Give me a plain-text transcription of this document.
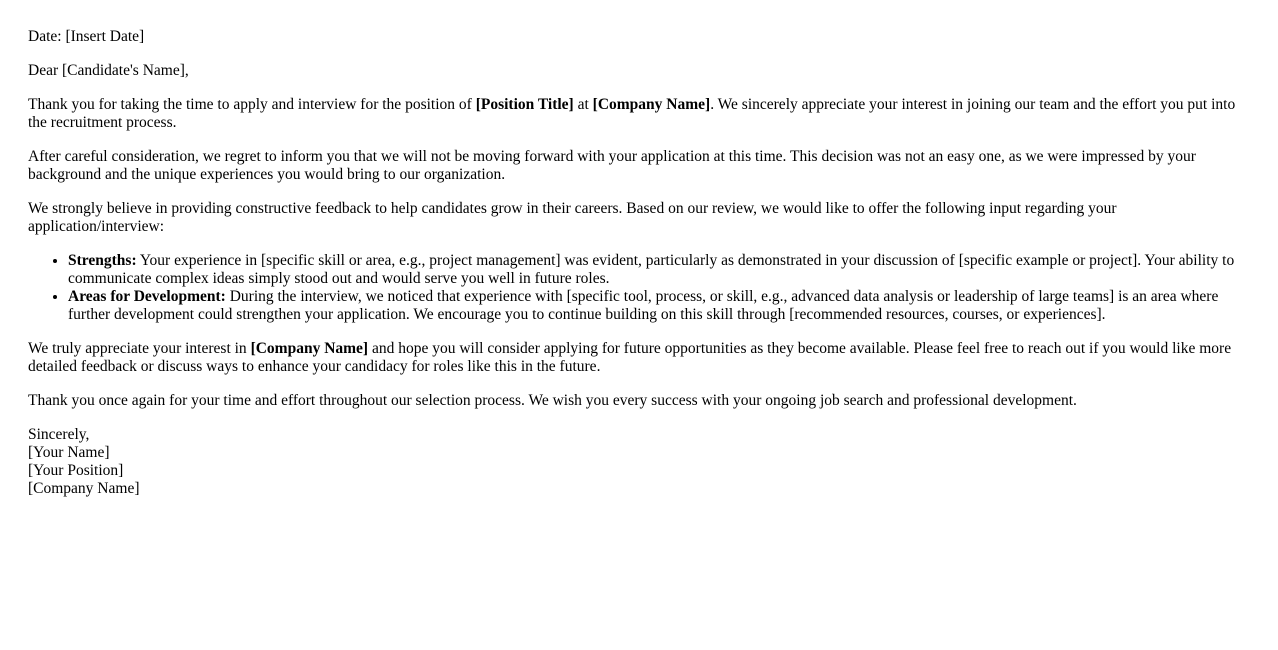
Date: [Insert Date]

Dear [Candidate's Name],

Thank you for taking the time to apply and interview for the position of [Position Title] at [Company Name]. We sincerely appreciate your interest in joining our team and the effort you put into the recruitment process.

After careful consideration, we regret to inform you that we will not be moving forward with your application at this time. This decision was not an easy one, as we were impressed by your background and the unique experiences you would bring to our organization.

We strongly believe in providing constructive feedback to help candidates grow in their careers. Based on our review, we would like to offer the following input regarding your application/interview:

• Strengths: Your experience in [specific skill or area, e.g., project management] was evident, particularly as demonstrated in your discussion of [specific example or project]. Your ability to communicate complex ideas simply stood out and would serve you well in future roles.
• Areas for Development: During the interview, we noticed that experience with [specific tool, process, or skill, e.g., advanced data analysis or leadership of large teams] is an area where further development could strengthen your application. We encourage you to continue building on this skill through [recommended resources, courses, or experiences].

We truly appreciate your interest in [Company Name] and hope you will consider applying for future opportunities as they become available. Please feel free to reach out if you would like more detailed feedback or discuss ways to enhance your candidacy for roles like this in the future.

Thank you once again for your time and effort throughout our selection process. We wish you every success with your ongoing job search and professional development.

Sincerely,
[Your Name]
[Your Position]
[Company Name]
